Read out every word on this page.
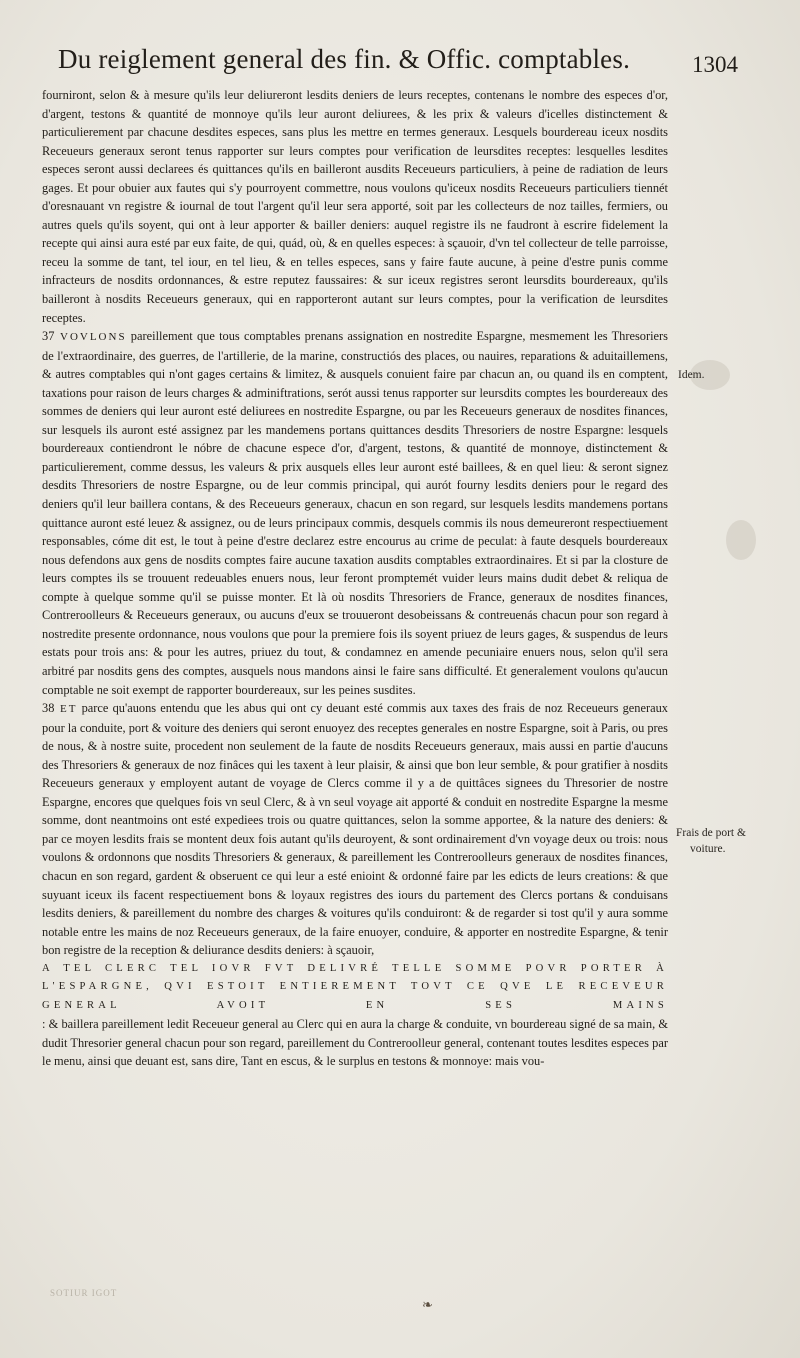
Du reiglement general des fin. & Offic. comptables.	1304

fourniront, selon & à mesure qu'ils leur deliureront lesdits deniers de leurs receptes, contenans le nombre des especes d'or, d'argent, testons & quantité de monnoye qu'ils leur auront deliurees, & les prix & valeurs d'icelles distinctement & particulierement par chacune desdites especes, sans plus les mettre en termes generaux. Lesquels bourdereau iceux nosdits Receueurs generaux seront tenus rapporter sur leurs comptes pour verification de leursdites receptes: lesquelles lesdites especes seront aussi declarees és quittances qu'ils en bailleront ausdits Receueurs particuliers, à peine de radiation de leurs gages. Et pour obuier aux fautes qui s'y pourroyent commettre, nous voulons qu'iceux nosdits Receueurs particuliers tiennét d'oresnauant vn registre & iournal de tout l'argent qu'il leur sera apporté, soit par les collecteurs de noz tailles, fermiers, ou autres quels qu'ils soyent, qui ont à leur apporter & bailler deniers: auquel registre ils ne faudront à escrire fidelement la recepte qui ainsi aura esté par eux faite, de qui, quád, où, & en quelles especes: à sçauoir, d'vn tel collecteur de telle parroisse, receu la somme de tant, tel iour, en tel lieu, & en telles especes, sans y faire faute aucune, à peine d'estre punis comme infracteurs de nosdits ordonnances, & estre reputez faussaires: & sur iceux registres seront leursdits bourdereaux, qu'ils bailleront à nosdits Receueurs generaux, qui en rapporteront autant sur leurs comptes, pour la verification de leursdites receptes.

37 VOVLONS pareillement que tous comptables prenans assignation en nostredite Espargne, mesmement les Thresoriers de l'extraordinaire, des guerres, de l'artillerie, de la marine, constructiós des places, ou nauires, reparations & aduitaillemens, & autres comptables qui n'ont gages certains & limitez, & ausquels conuient faire par chacun an, ou quand ils en comptent, taxations pour raison de leurs charges & adminiftrations, serót aussi tenus rapporter sur leursdits comptes les bourdereaux des sommes de deniers qui leur auront esté deliurees en nostredite Espargne, ou par les Receueurs generaux de nosdites finances, sur lesquels ils auront esté assignez par les mandemens portans quittances desdits Thresoriers de nostre Espargne: lesquels bourdereaux contiendront le nóbre de chacune espece d'or, d'argent, testons, & quantité de monnoye, distinctement & particulierement, comme dessus, les valeurs & prix ausquels elles leur auront esté baillees, & en quel lieu: & seront signez desdits Thresoriers de nostre Espargne, ou de leur commis principal, qui aurót fourny lesdits deniers pour le regard des deniers qu'il leur baillera contans, & des Receueurs generaux, chacun en son regard, sur lesquels lesdits mandemens portans quittance auront esté leuez & assignez, ou de leurs principaux commis, desquels commis ils nous demeureront respectiuement responsables, cóme dit est, le tout à peine d'estre declarez estre encourus au crime de peculat: à faute desquels bourdereaux nous defendons aux gens de nosdits comptes faire aucune taxation ausdits comptables extraordinaires. Et si par la closture de leurs comptes ils se trouuent redeuables enuers nous, leur feront promptemét vuider leurs mains dudit debet & reliqua de compte à quelque somme qu'il se puisse monter. Et là où nosdits Thresoriers de France, generaux de nosdites finances, Contreroolleurs & Receueurs generaux, ou aucuns d'eux se trouueront desobeissans & contreuenás chacun pour son regard à nostredite presente ordonnance, nous voulons que pour la premiere fois ils soyent priuez de leurs gages, & suspendus de leurs estats pour trois ans: & pour les autres, priuez du tout, & condamnez en amende pecuniaire enuers nous, selon qu'il sera arbitré par nosdits gens des comptes, ausquels nous mandons ainsi le faire sans difficulté. Et generalement voulons qu'aucun comptable ne soit exempt de rapporter bourdereaux, sur les peines susdites.

38 ET parce qu'auons entendu que les abus qui ont cy deuant esté commis aux taxes des frais de noz Receueurs generaux pour la conduite, port & voiture des deniers qui seront enuoyez des receptes generales en nostre Espargne, soit à Paris, ou pres de nous, & à nostre suite, procedent non seulement de la faute de nosdits Receueurs generaux, mais aussi en partie d'aucuns des Thresoriers & generaux de noz finâces qui les taxent à leur plaisir, & ainsi que bon leur semble, & pour gratifier à nosdits Receueurs generaux y employent autant de voyage de Clercs comme il y a de quittâces signees du Thresorier de nostre Espargne, encores que quelques fois vn seul Clerc, & à vn seul voyage ait apporté & conduit en nostredite Espargne la mesme somme, dont neantmoins ont esté expediees trois ou quatre quittances, selon la somme apportee, & la nature des deniers: & par ce moyen lesdits frais se montent deux fois autant qu'ils deuroyent, & sont ordinairement d'vn voyage deux ou trois: nous voulons & ordonnons que nosdits Thresoriers & generaux, & pareillement les Contreroolleurs generaux de nosdites finances, chacun en son regard, gardent & obseruent ce qui leur a esté enioint & ordonné faire par les edicts de leurs creations: & que suyuant iceux ils facent respectiuement bons & loyaux registres des iours du partement des Clercs portans & conduisans lesdits deniers, & pareillement du nombre des charges & voitures qu'ils conduiront: & de regarder si tost qu'il y aura somme notable entre les mains de noz Receueurs generaux, de la faire enuoyer, conduire, & apporter en nostredite Espargne, & tenir bon registre de la reception & deliurance desdits deniers: à sçauoir,
A TEL CLERC TEL IOVR FVT DELIVRÉ TELLE SOMME POVR PORTER À L'ESPARGNE, QVI ESTOIT ENTIEREMENT TOVT CE QVE LE RECEVEUR GENERAL AVOIT EN SES MAINS
: & baillera pareillement ledit Receueur general au Clerc qui en aura la charge & conduite, vn bourdereau signé de sa main, & dudit Thresorier general chacun pour son regard, pareillement du Contreroolleur general, contenant toutes lesdites especes par le menu, ainsi que deuant est, sans dire, Tant en escus, & le surplus en testons & monnoye: mais vou-

Idem.
Frais de port &
voiture.
SOTIUR IGOT
❧
